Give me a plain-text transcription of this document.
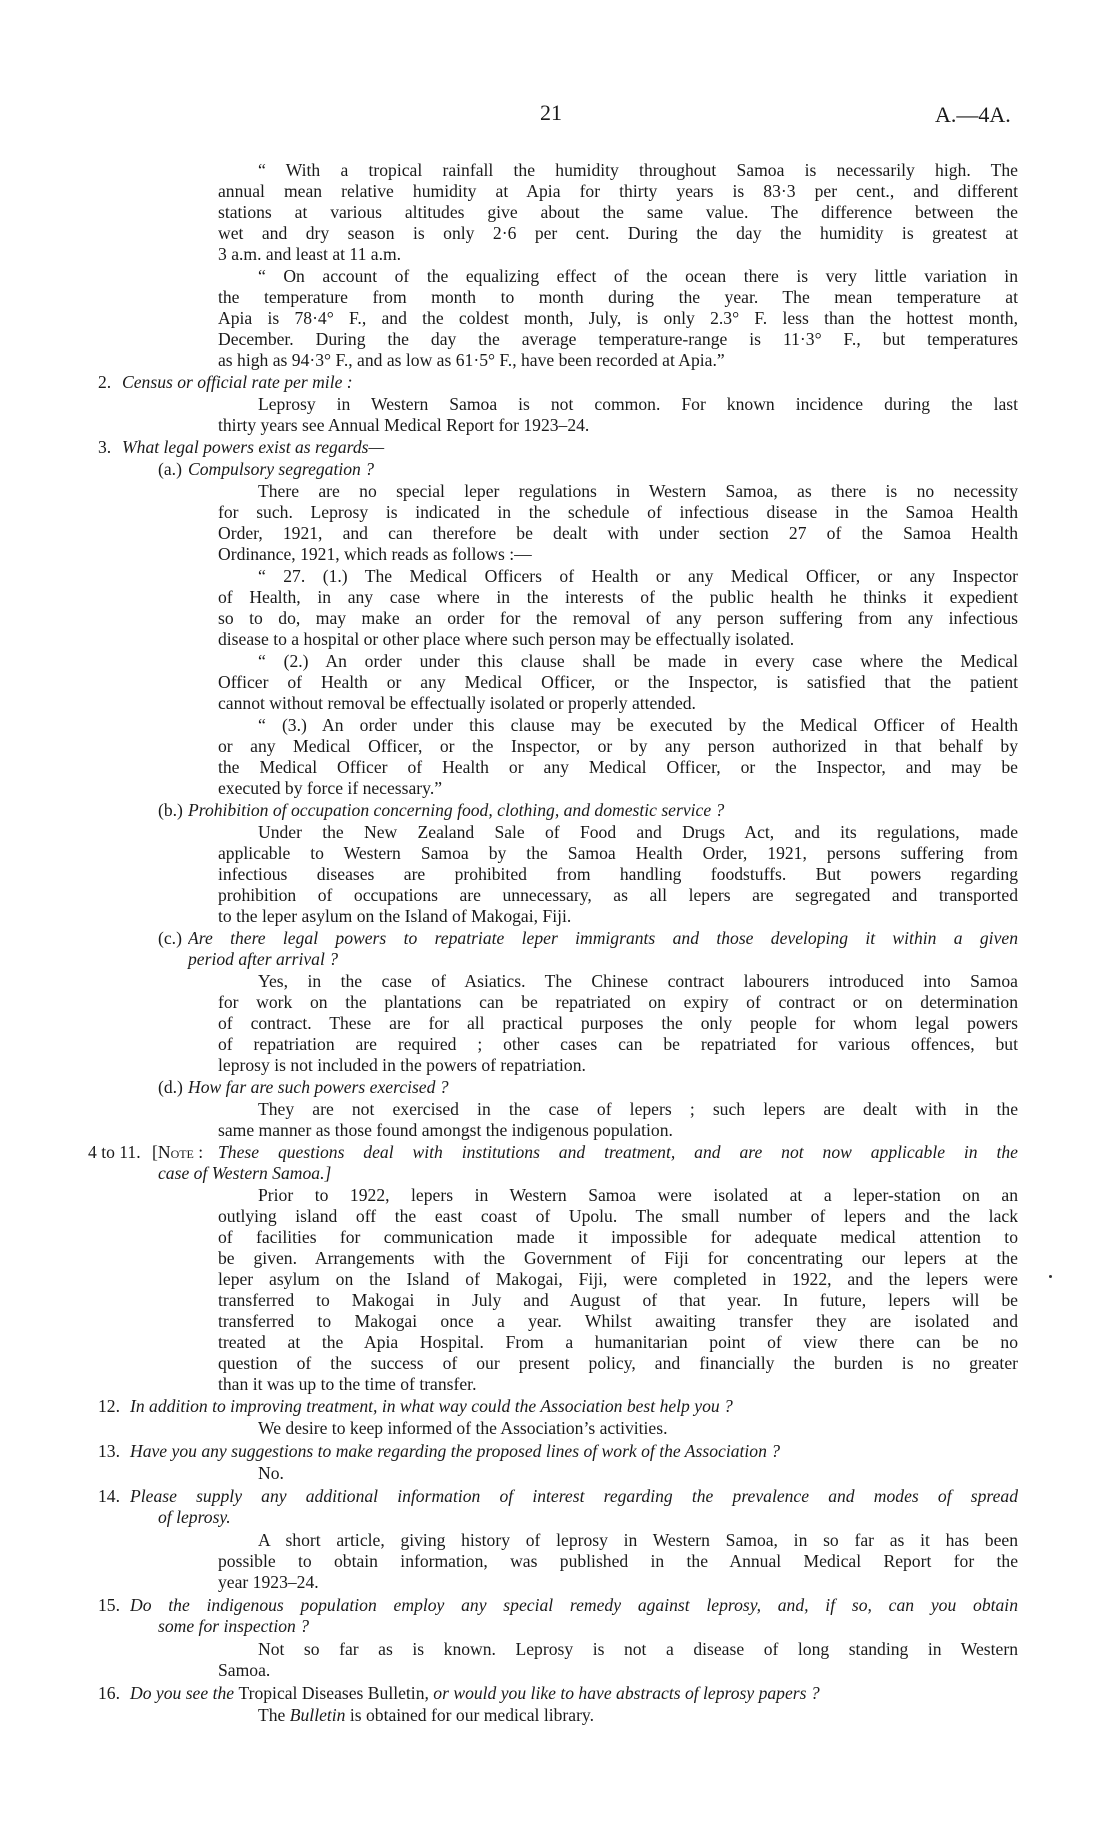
21	A.—4A.
“ With a tropical rainfall the humidity throughout Samoa is necessarily high. The
annual mean relative humidity at Apia for thirty years is 83·3 per cent., and different
stations at various altitudes give about the same value. The difference between the
wet and dry season is only 2·6 per cent. During the day the humidity is greatest at
3 a.m. and least at 11 a.m.
“ On account of the equalizing effect of the ocean there is very little variation in
the temperature from month to month during the year. The mean temperature at
Apia is 78·4° F., and the coldest month, July, is only 2.3° F. less than the hottest month,
December. During the day the average temperature-range is 11·3° F., but temperatures
as high as 94·3° F., and as low as 61·5° F., have been recorded at Apia.”
2. Census or official rate per mile :
Leprosy in Western Samoa is not common. For known incidence during the last
thirty years see Annual Medical Report for 1923–24.
3. What legal powers exist as regards—
(a.) Compulsory segregation ?
There are no special leper regulations in Western Samoa, as there is no necessity
for such. Leprosy is indicated in the schedule of infectious disease in the Samoa Health
Order, 1921, and can therefore be dealt with under section 27 of the Samoa Health
Ordinance, 1921, which reads as follows :—
“ 27. (1.) The Medical Officers of Health or any Medical Officer, or any Inspector
of Health, in any case where in the interests of the public health he thinks it expedient
so to do, may make an order for the removal of any person suffering from any infectious
disease to a hospital or other place where such person may be effectually isolated.
“ (2.) An order under this clause shall be made in every case where the Medical
Officer of Health or any Medical Officer, or the Inspector, is satisfied that the patient
cannot without removal be effectually isolated or properly attended.
“ (3.) An order under this clause may be executed by the Medical Officer of Health
or any Medical Officer, or the Inspector, or by any person authorized in that behalf by
the Medical Officer of Health or any Medical Officer, or the Inspector, and may be
executed by force if necessary.”
(b.) Prohibition of occupation concerning food, clothing, and domestic service ?
Under the New Zealand Sale of Food and Drugs Act, and its regulations, made
applicable to Western Samoa by the Samoa Health Order, 1921, persons suffering from
infectious diseases are prohibited from handling foodstuffs. But powers regarding
prohibition of occupations are unnecessary, as all lepers are segregated and transported
to the leper asylum on the Island of Makogai, Fiji.
(c.) Are there legal powers to repatriate leper immigrants and those developing it within a given
period after arrival ?
Yes, in the case of Asiatics. The Chinese contract labourers introduced into Samoa
for work on the plantations can be repatriated on expiry of contract or on determination
of contract. These are for all practical purposes the only people for whom legal powers
of repatriation are required ; other cases can be repatriated for various offences, but
leprosy is not included in the powers of repatriation.
(d.) How far are such powers exercised ?
They are not exercised in the case of lepers ; such lepers are dealt with in the
same manner as those found amongst the indigenous population.
4 to 11. [Note : These questions deal with institutions and treatment, and are not now applicable in the
case of Western Samoa.]
Prior to 1922, lepers in Western Samoa were isolated at a leper-station on an
outlying island off the east coast of Upolu. The small number of lepers and the lack
of facilities for communication made it impossible for adequate medical attention to
be given. Arrangements with the Government of Fiji for concentrating our lepers at the
leper asylum on the Island of Makogai, Fiji, were completed in 1922, and the lepers were
transferred to Makogai in July and August of that year. In future, lepers will be
transferred to Makogai once a year. Whilst awaiting transfer they are isolated and
treated at the Apia Hospital. From a humanitarian point of view there can be no
question of the success of our present policy, and financially the burden is no greater
than it was up to the time of transfer.
12. In addition to improving treatment, in what way could the Association best help you ?
We desire to keep informed of the Association’s activities.
13. Have you any suggestions to make regarding the proposed lines of work of the Association ?
No.
14. Please supply any additional information of interest regarding the prevalence and modes of spread
of leprosy.
A short article, giving history of leprosy in Western Samoa, in so far as it has been
possible to obtain information, was published in the Annual Medical Report for the
year 1923–24.
15. Do the indigenous population employ any special remedy against leprosy, and, if so, can you obtain
some for inspection ?
Not so far as is known. Leprosy is not a disease of long standing in Western
Samoa.
16. Do you see the Tropical Diseases Bulletin, or would you like to have abstracts of leprosy papers ?
The Bulletin is obtained for our medical library.
